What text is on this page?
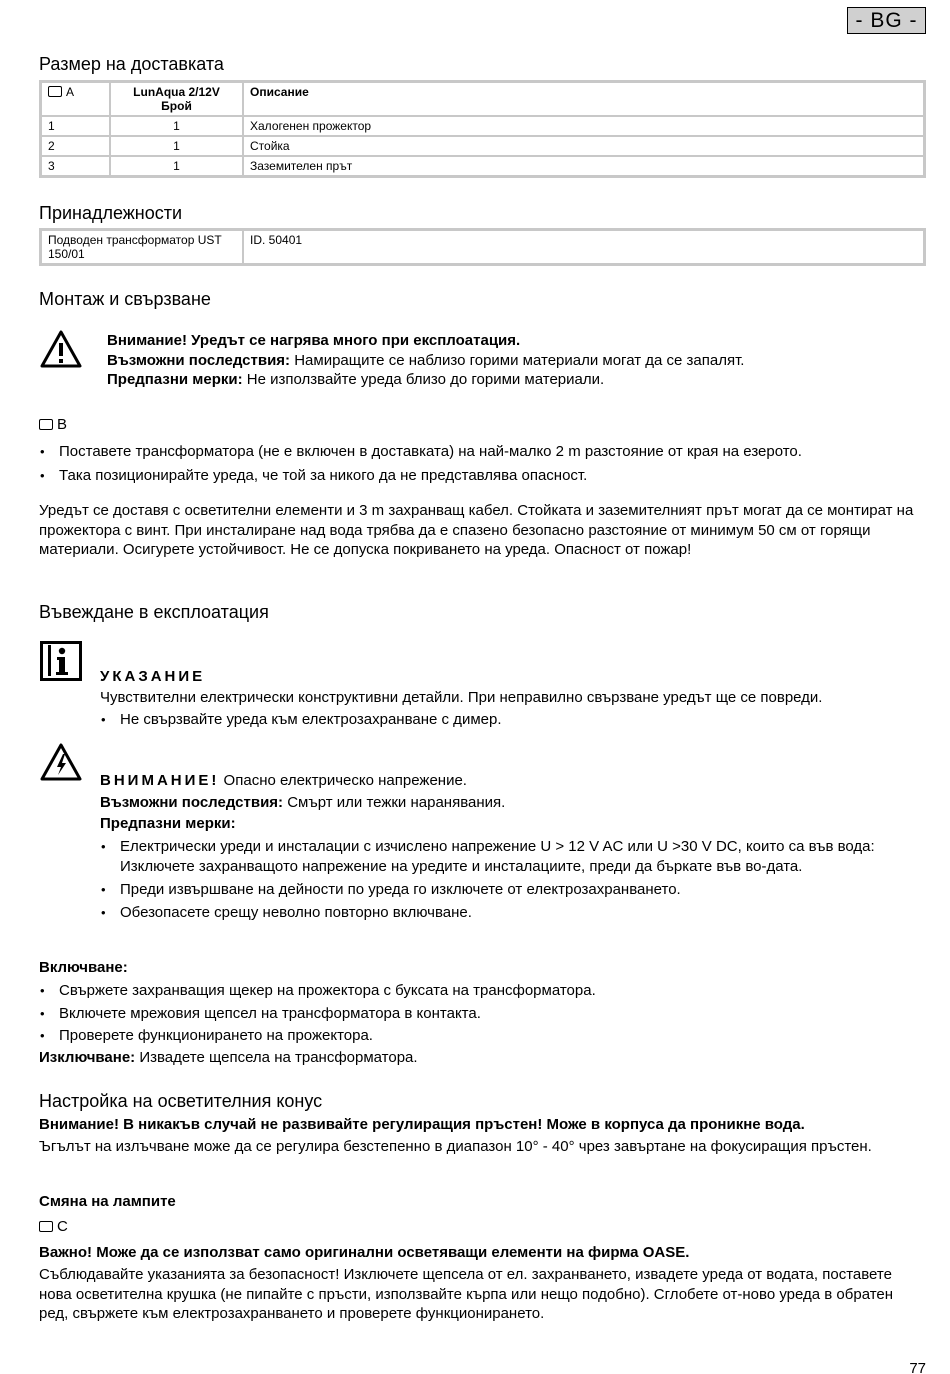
- BG -
Размер на доставката
A	LunAqua 2/12V Брой	Описание
1	1	Халогенен прожектор
2	1	Стойка
3	1	Заземителен прът
Принадлежности
Подводен трансформатор UST 150/01	ID. 50401
Монтаж и свързване
Внимание! Уредът се нагрява много при експлоатация.
Възможни последствия: Намиращите се наблизо горими материали могат да се запалят.
Предпазни мерки: Не използвайте уреда близо до горими материали.
B
• Поставете трансформатора (не е включен в доставката) на най-малко 2 m разстояние от края на езерото.
• Така позиционирайте уреда, че той за никого да не представлява опасност.
Уредът се доставя с осветителни елементи и 3 m захранващ кабел. Стойката и заземителният прът могат да се монтират на прожектора с винт. При инсталиране над вода трябва да е спазено безопасно разстояние от минимум 50 см от горящи материали. Осигурете устойчивост. Не се допуска покриването на уреда. Опасност от пожар!
Въвеждане в експлоатация
УКАЗАНИЕ
Чувствителни електрически конструктивни детайли. При неправилно свързване уредът ще се повреди.
• Не свързвайте уреда към електрозахранване с димер.
ВНИМАНИЕ! Опасно електрическо напрежение.
Възможни последствия: Смърт или тежки наранявания.
Предпазни мерки:
• Електрически уреди и инсталации с изчислено напрежение U > 12 V AC или U >30 V DC, които са във вода: Изключете захранващото напрежение на уредите и инсталациите, преди да бъркате във во-дата.
• Преди извършване на дейности по уреда го изключете от електрозахранването.
• Обезопасете срещу неволно повторно включване.
Включване:
• Свържете захранващия щекер на прожектора с буксата на трансформатора.
• Включете мрежовия щепсел на трансформатора в контакта.
• Проверете функционирането на прожектора.
Изключване: Извадете щепсела на трансформатора.
Настройка на осветителния конус
Внимание! В никакъв случай не развивайте регулиращия пръстен! Може в корпуса да проникне вода.
Ъгълът на излъчване може да се регулира безстепенно в диапазон 10° - 40° чрез завъртане на фокусиращия пръстен.
Смяна на лампите
C
Важно! Може да се използват само оригинални осветяващи елементи на фирма OASE.
Съблюдавайте указанията за безопасност! Изключете щепсела от ел. захранването, извадете уреда от водата, поставете нова осветителна крушка (не пипайте с пръсти, използвайте кърпа или нещо подобно). Сглобете от-ново уреда в обратен ред, свържете към електрозахранването и проверете функционирането.
77
